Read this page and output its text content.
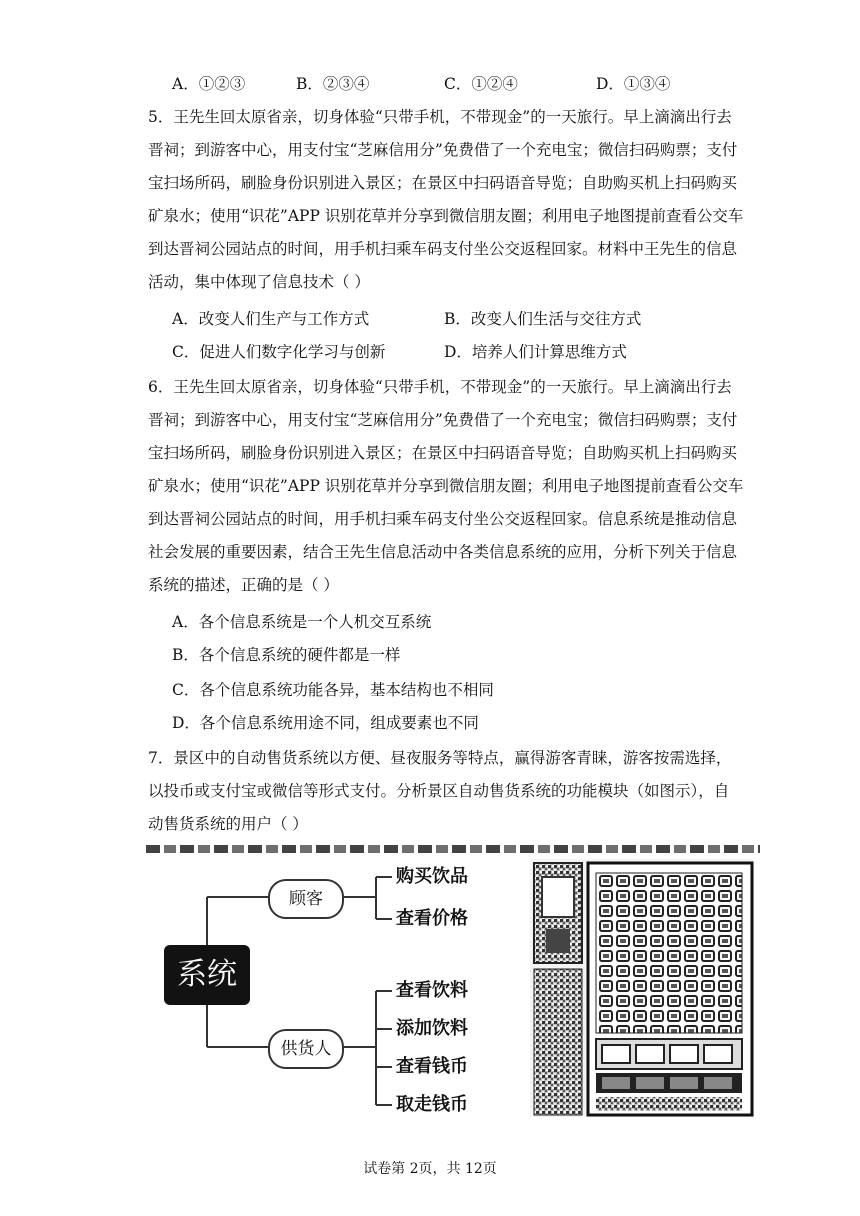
A．①②③	B．②③④	C．①②④	D．①③④
5．王先生回太原省亲，切身体验“只带手机，不带现金”的一天旅行。早上滴滴出行去
晋祠；到游客中心，用支付宝“芝麻信用分”免费借了一个充电宝；微信扫码购票；支付
宝扫场所码，刷脸身份识别进入景区；在景区中扫码语音导览；自助购买机上扫码购买
矿泉水；使用“识花”APP 识别花草并分享到微信朋友圈；利用电子地图提前查看公交车
到达晋祠公园站点的时间，用手机扫乘车码支付坐公交返程回家。材料中王先生的信息
活动，集中体现了信息技术（ ）
A．改变人们生产与工作方式	B．改变人们生活与交往方式
C．促进人们数字化学习与创新	D．培养人们计算思维方式
6．王先生回太原省亲，切身体验“只带手机，不带现金”的一天旅行。早上滴滴出行去
晋祠；到游客中心，用支付宝“芝麻信用分”免费借了一个充电宝；微信扫码购票；支付
宝扫场所码，刷脸身份识别进入景区；在景区中扫码语音导览；自助购买机上扫码购买
矿泉水；使用“识花”APP 识别花草并分享到微信朋友圈；利用电子地图提前查看公交车
到达晋祠公园站点的时间，用手机扫乘车码支付坐公交返程回家。信息系统是推动信息
社会发展的重要因素，结合王先生信息活动中各类信息系统的应用，分析下列关于信息
系统的描述，正确的是（ ）
A．各个信息系统是一个人机交互系统
B．各个信息系统的硬件都是一样
C．各个信息系统功能各异，基本结构也不相同
D．各个信息系统用途不同，组成要素也不同
7．景区中的自动售货系统以方便、昼夜服务等特点，赢得游客青睐，游客按需选择，
以投币或支付宝或微信等形式支付。分析景区自动售货系统的功能模块（如图示），自
动售货系统的用户（ ）
系统
顾客
供货人
购买饮品
查看价格
查看饮料
添加饮料
查看钱币
取走钱币
试卷第 2页，共 12页
